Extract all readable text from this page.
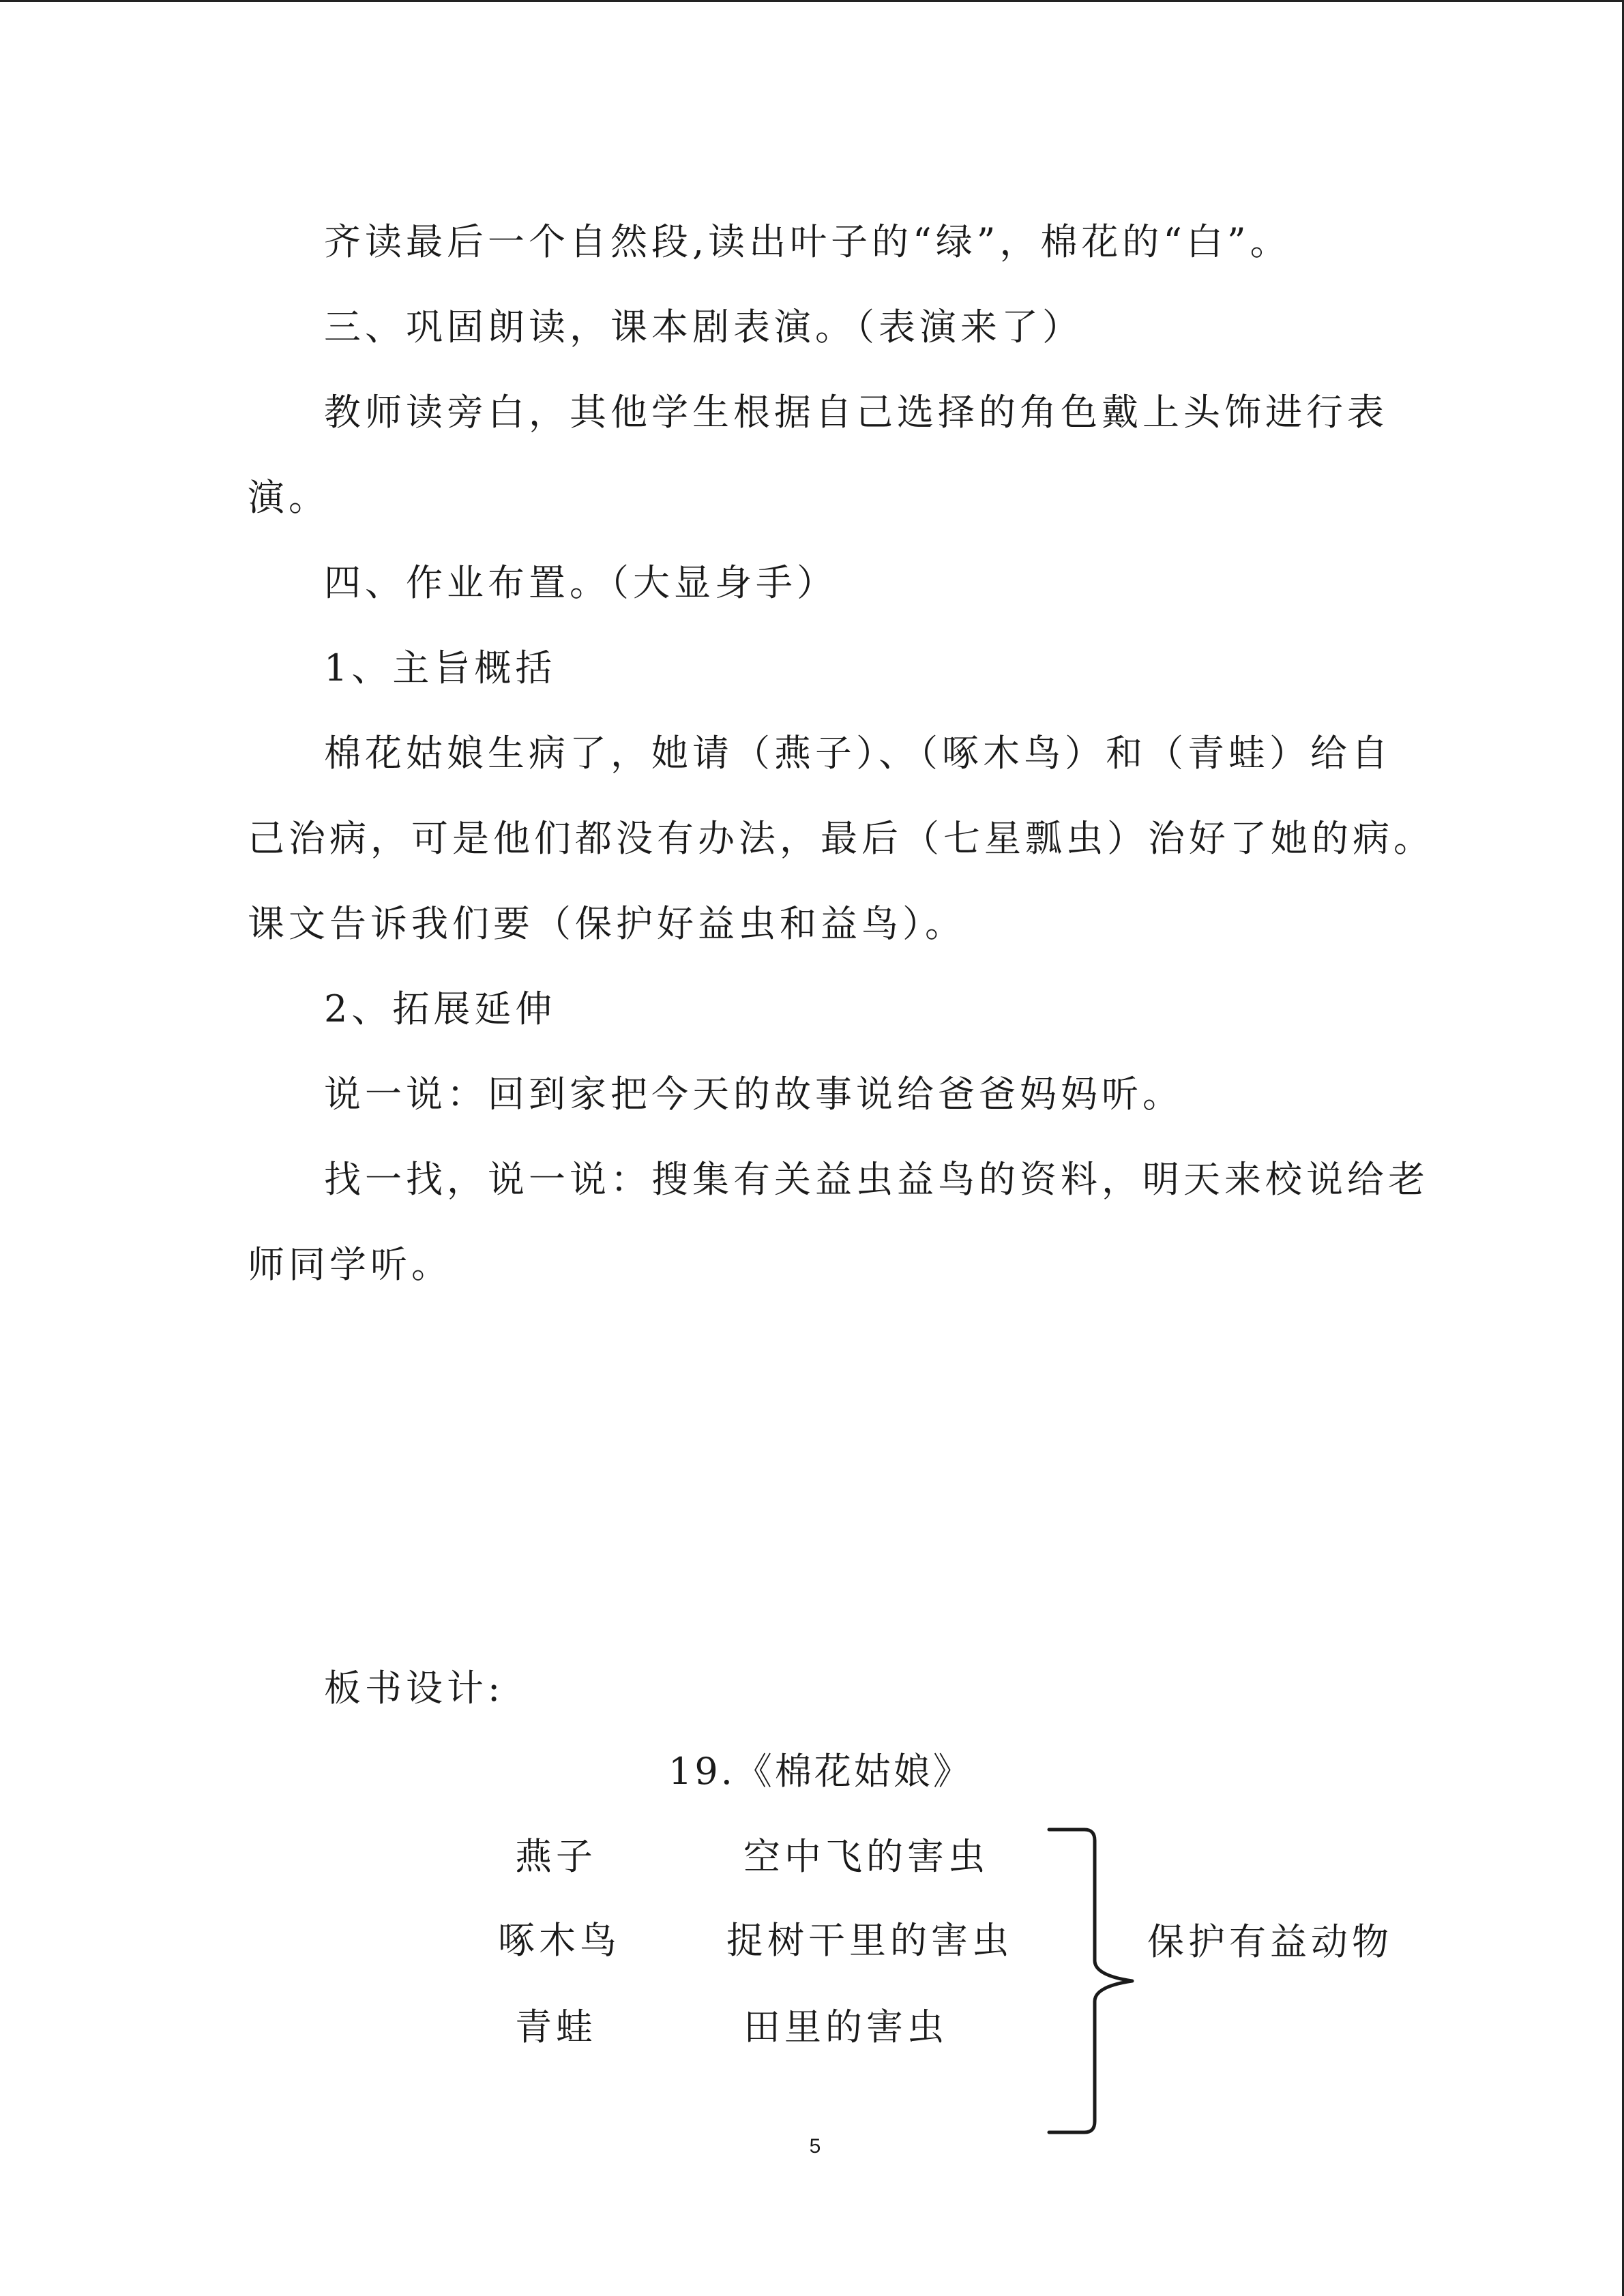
齐读最后一个自然段,读出叶子的“绿”，棉花的“白”。
三、巩固朗读，课本剧表演。（表演来了）
教师读旁白，其他学生根据自己选择的角色戴上头饰进行表
演。
四、作业布置。（大显身手）
1、主旨概括
棉花姑娘生病了，她请（燕子）、（啄木鸟）和（青蛙）给自
己治病，可是他们都没有办法，最后（七星瓢虫）治好了她的病。
课文告诉我们要（保护好益虫和益鸟）。
2、拓展延伸
说一说：回到家把今天的故事说给爸爸妈妈听。
找一找，说一说：搜集有关益虫益鸟的资料，明天来校说给老
师同学听。
板书设计:
19.《棉花姑娘》
燕子
啄木鸟
青蛙
空中飞的害虫
捉树干里的害虫
田里的害虫
保护有益动物
5
